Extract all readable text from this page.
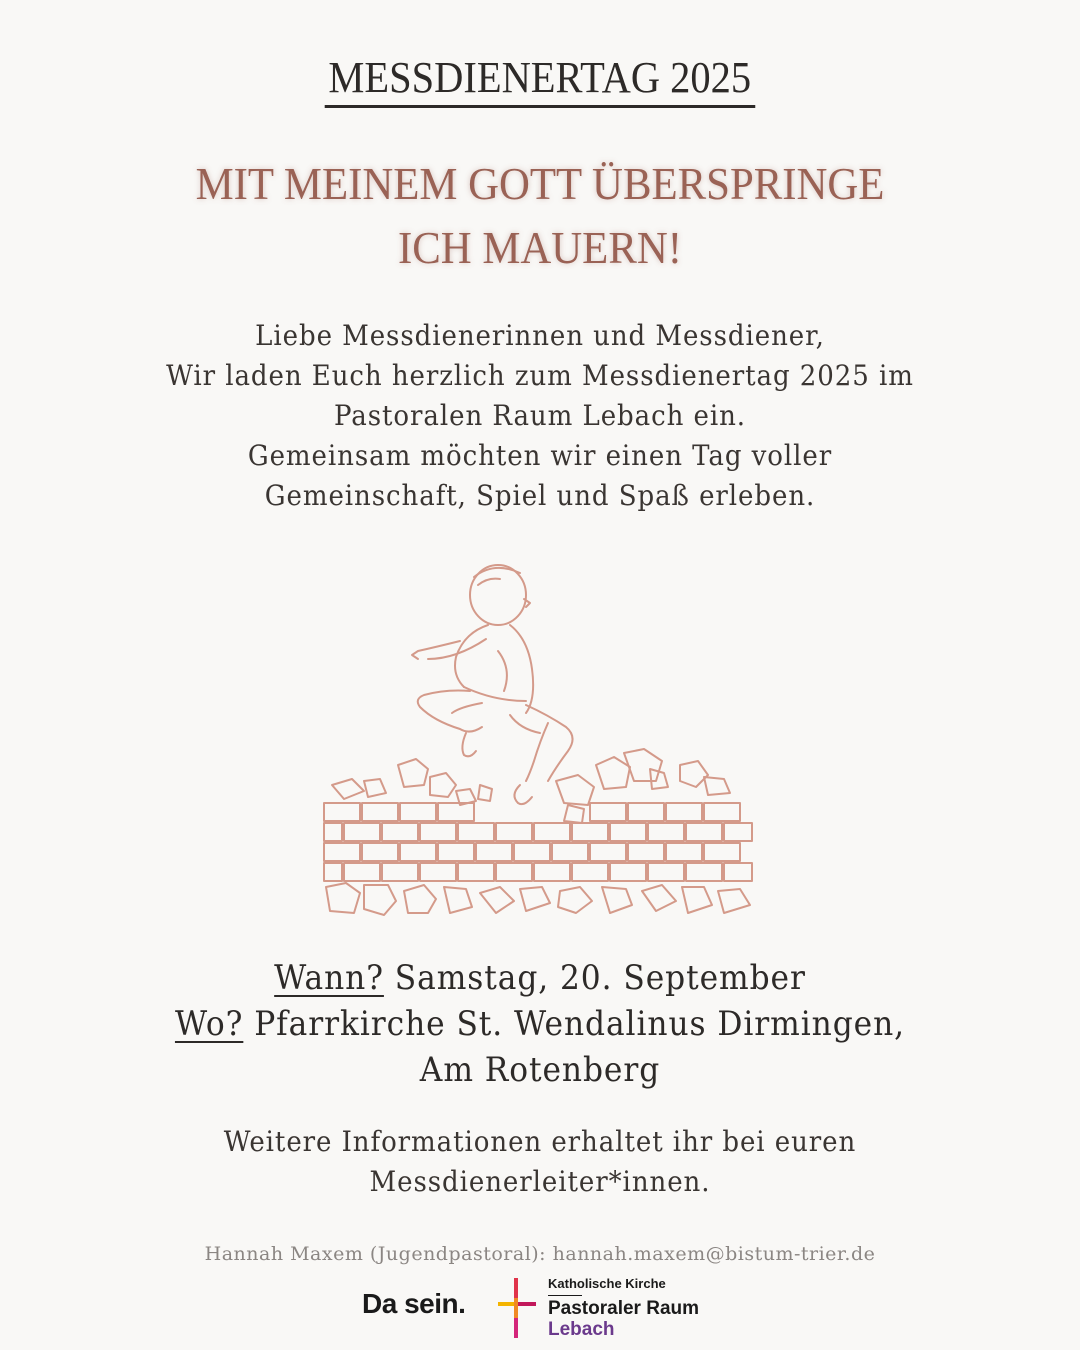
MESSDIENERTAG 2025
MIT MEINEM GOTT ÜBERSPRINGE
ICH MAUERN!
Liebe Messdienerinnen und Messdiener,
Wir laden Euch herzlich zum Messdienertag 2025 im
Pastoralen Raum Lebach ein.
Gemeinsam möchten wir einen Tag voller
Gemeinschaft, Spiel und Spaß erleben.
Wann? Samstag, 20. September
Wo? Pfarrkirche St. Wendalinus Dirmingen,
Am Rotenberg
Weitere Informationen erhaltet ihr bei euren
Messdienerleiter*innen.
Hannah Maxem (Jugendpastoral): hannah.maxem@bistum-trier.de
Da sein.
Katholische Kirche
Pastoraler Raum
Lebach
